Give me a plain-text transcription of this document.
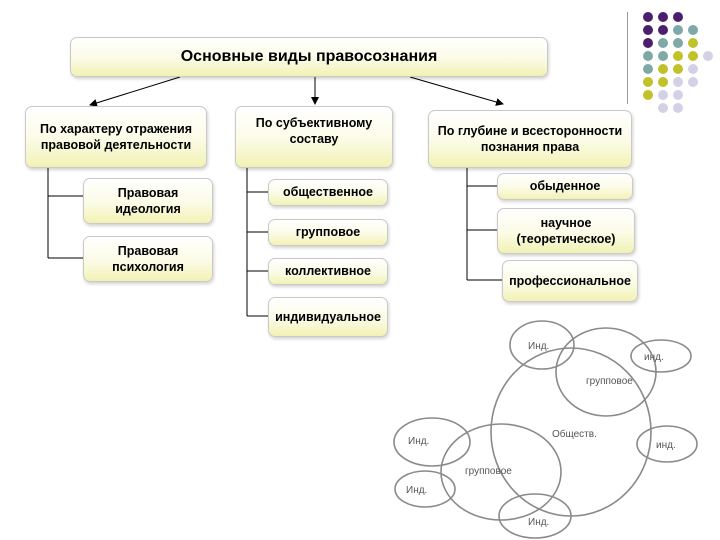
Основные виды правосознания
По характеру отражения правовой деятельности
По субъективному составу
По глубине и всесторонности познания права
Правовая идеология
Правовая психология
общественное
групповое
коллективное
индивидуальное
обыденное
научное (теоретическое)
профессиональное
Обществ.
групповое
групповое
Инд.
инд.
инд.
Инд.
Инд.
Инд.
